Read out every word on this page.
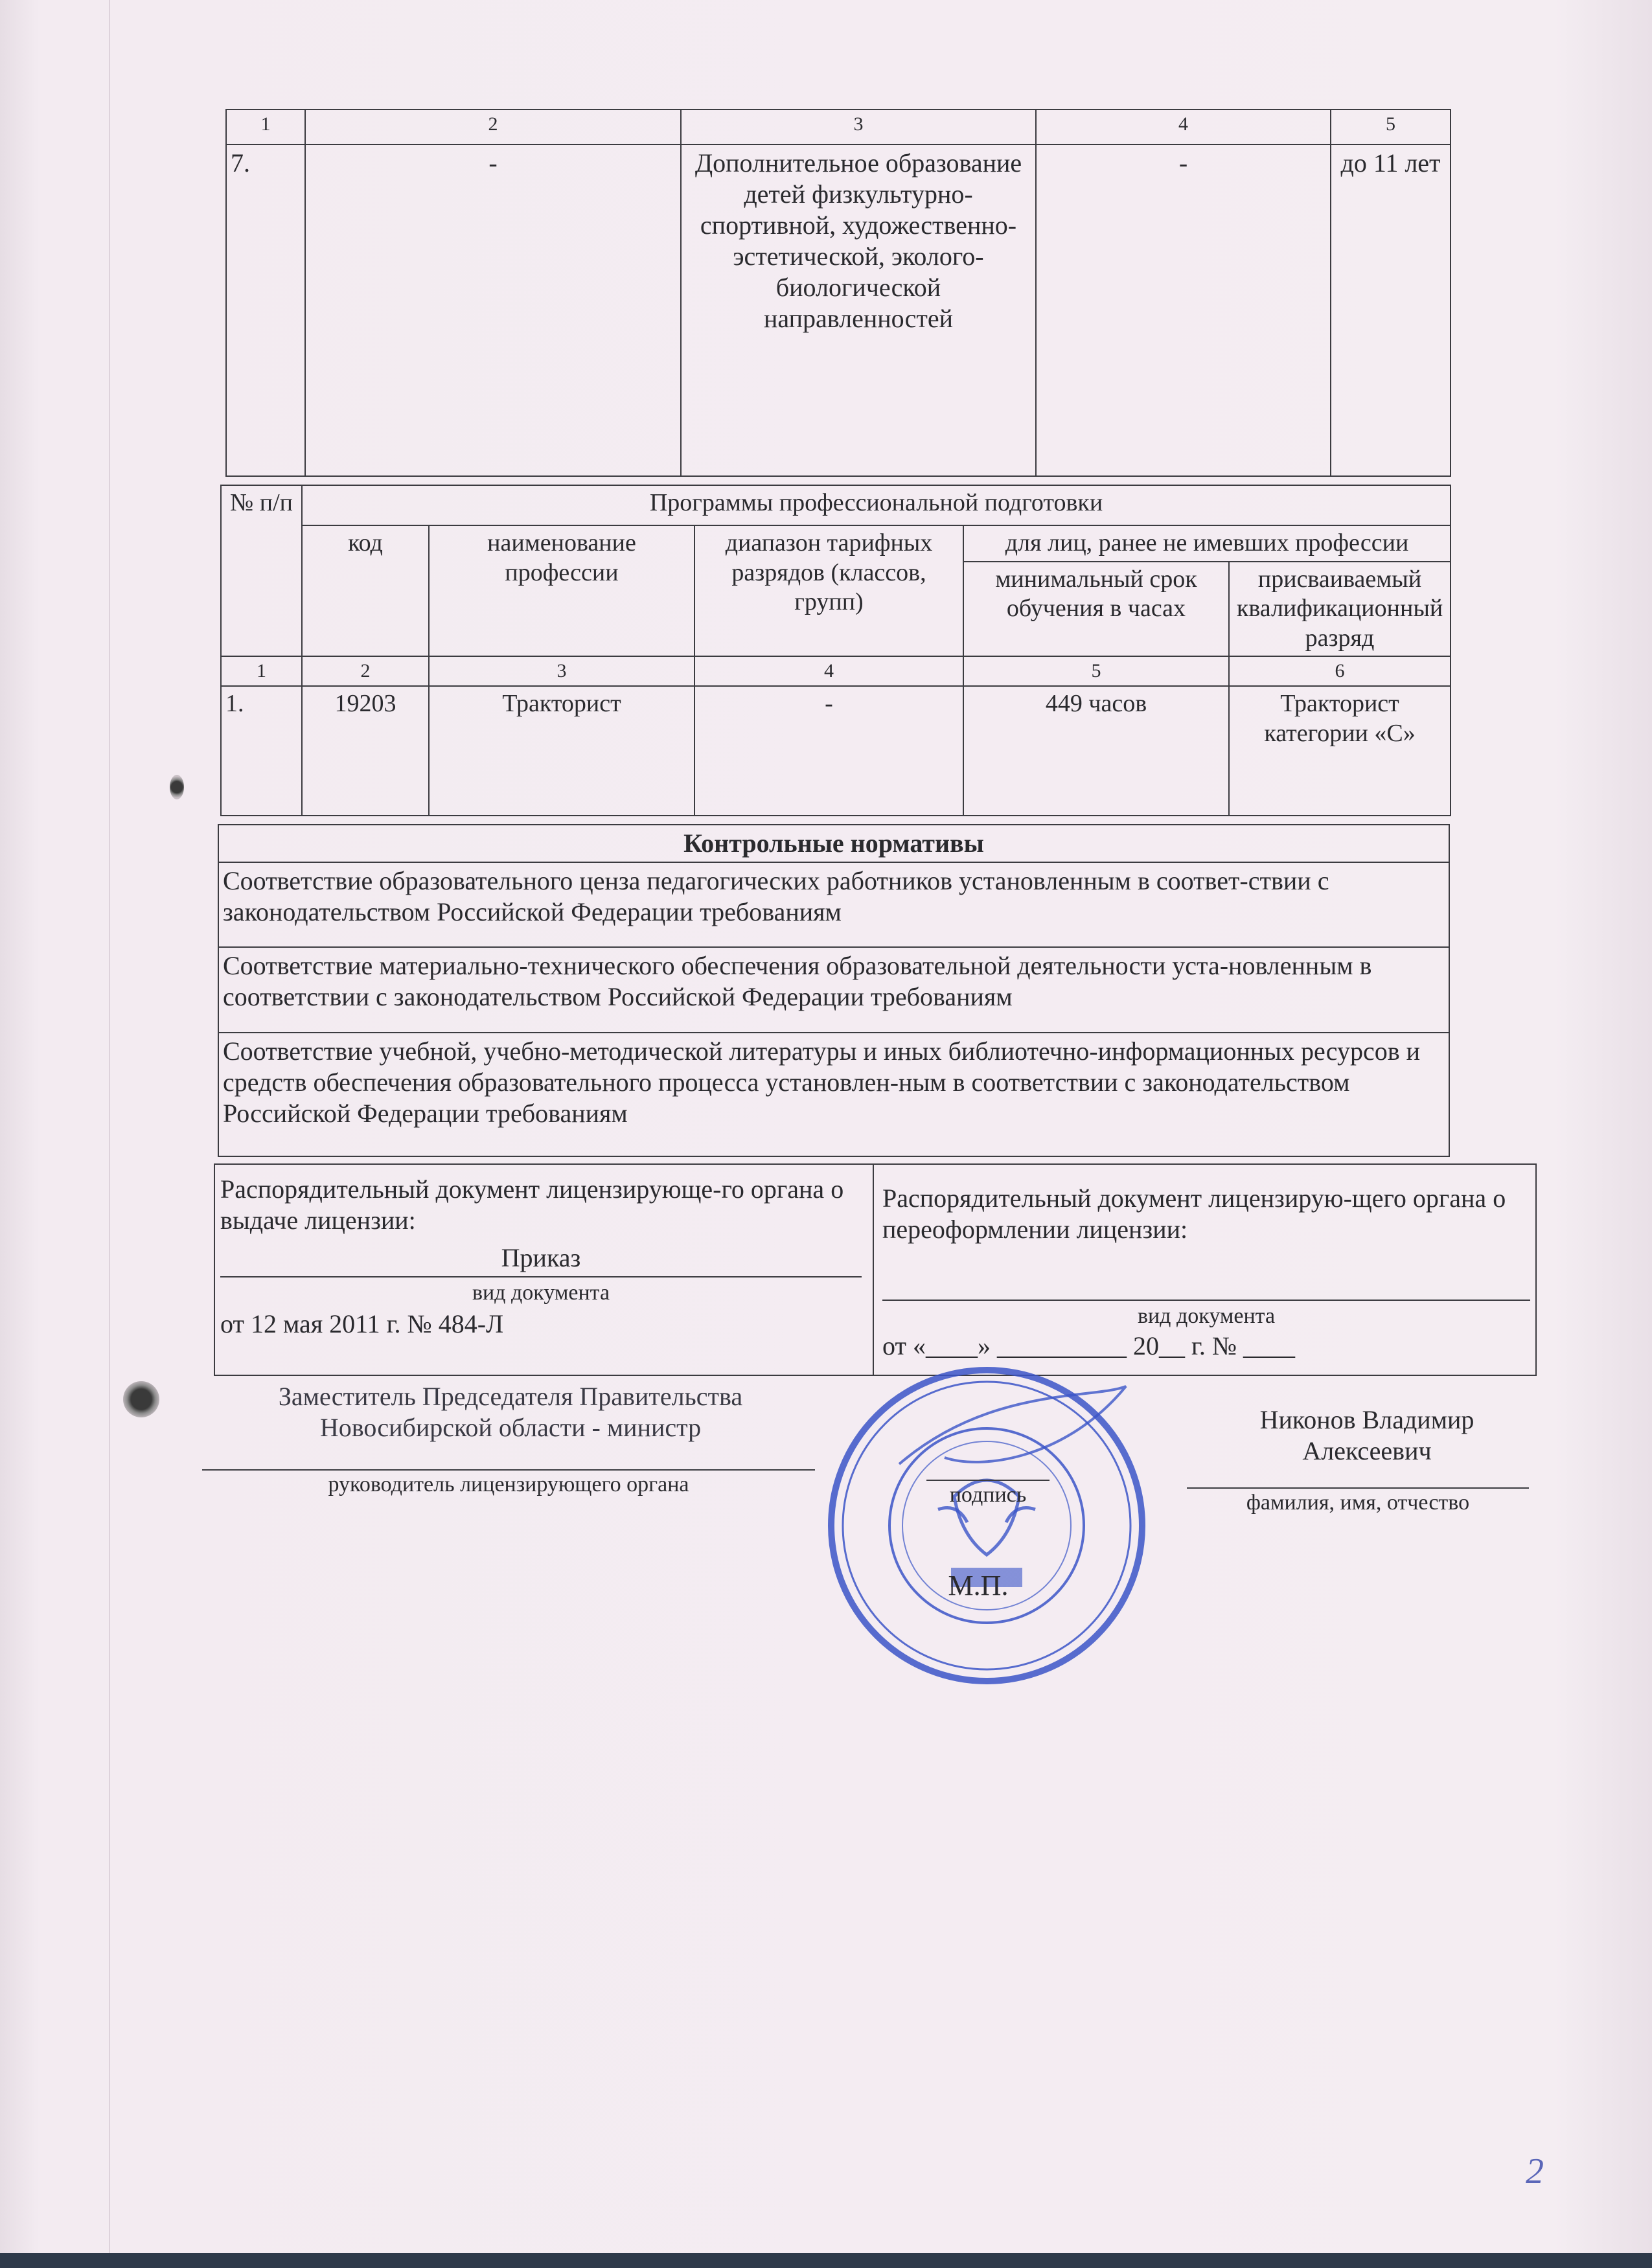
1	2	3	4	5
7.	-	Дополнительное образование детей физкультурно-спортивной, художественно-эстетической, эколого-биологической направленностей	-	до 11 лет
№ п/п	Программы профессиональной подготовки				
	код	наименование профессии	диапазон тарифных разрядов (классов, групп)	для лиц, ранее не имевших профессии	
				минимальный срок обучения в часах	присваиваемый квалификационный разряд

1	2	3	4	5	6
1.	19203	Тракторист	-	449 часов	Тракторист категории «С»
Контрольные нормативы
Соответствие образовательного ценза педагогических работников установленным в соответ-ствии с законодательством Российской Федерации требованиям
Соответствие материально-технического обеспечения образовательной деятельности уста-новленным в соответствии с законодательством Российской Федерации требованиям
Соответствие учебной, учебно-методической литературы и иных библиотечно-информационных ресурсов и средств обеспечения образовательного процесса установлен-ным в соответствии с законодательством Российской Федерации требованиям
Распорядительный документ лицензирующе-го органа о выдаче лицензии:
Приказ
вид документа
от 12 мая 2011 г. № 484-Л
Распорядительный документ лицензирую-щего органа о переоформлении лицензии:
вид документа
от «____» __________ 20__ г. № ____
Заместитель Председателя Правительства Новосибирской области - министр
руководитель лицензирующего органа
Никонов Владимир Алексеевич
фамилия, имя, отчество
подпись
М.П.
2
